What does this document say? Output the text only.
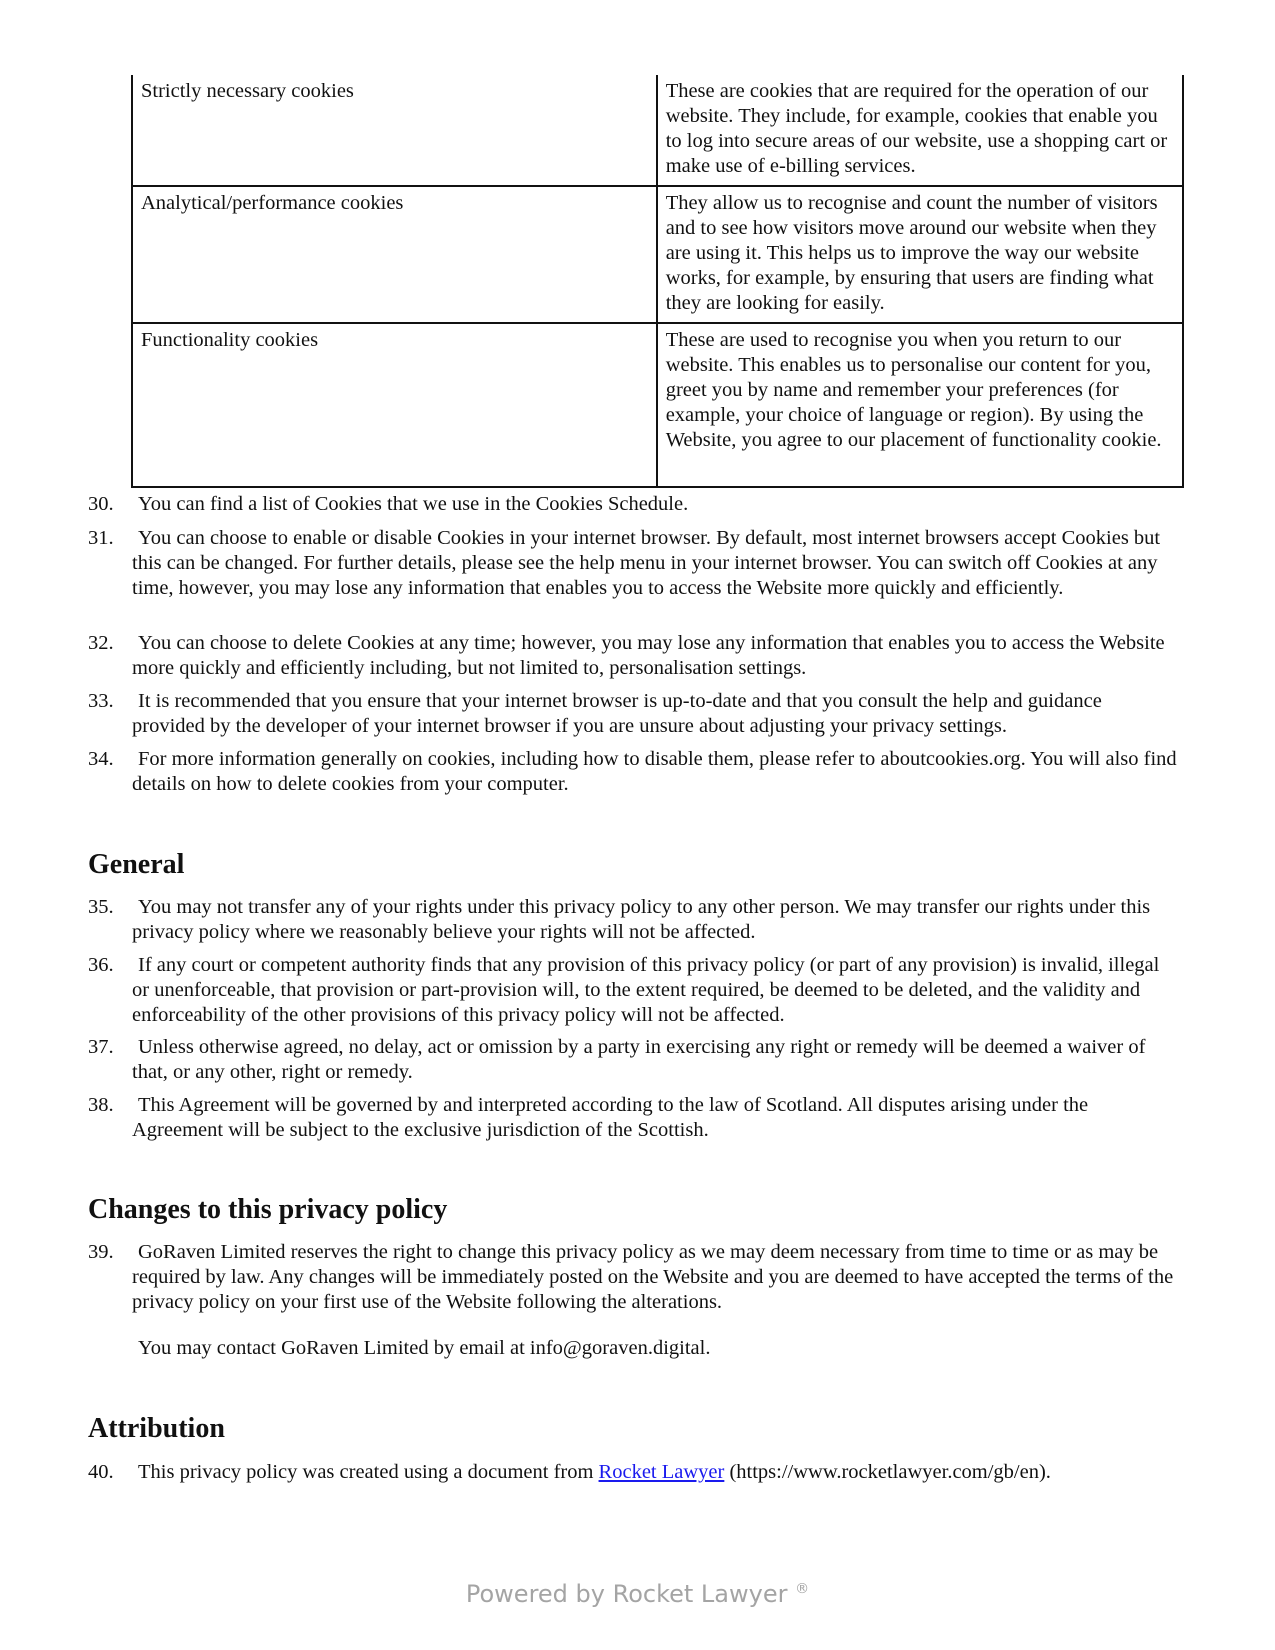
Strictly necessary cookies	These are cookies that are required for the operation of our website. They include, for example, cookies that enable you to log into secure areas of our website, use a shopping cart or make use of e-billing services.
Analytical/performance cookies	They allow us to recognise and count the number of visitors and to see how visitors move around our website when they are using it. This helps us to improve the way our website works, for example, by ensuring that users are finding what they are looking for easily.
Functionality cookies	These are used to recognise you when you return to our website. This enables us to personalise our content for you, greet you by name and remember your preferences (for example, your choice of language or region). By using the Website, you agree to our placement of functionality cookie.
30.	You can find a list of Cookies that we use in the Cookies Schedule.
31.	You can choose to enable or disable Cookies in your internet browser. By default, most internet browsers accept Cookies but this can be changed. For further details, please see the help menu in your internet browser. You can switch off Cookies at any time, however, you may lose any information that enables you to access the Website more quickly and efficiently.
32.	You can choose to delete Cookies at any time; however, you may lose any information that enables you to access the Website more quickly and efficiently including, but not limited to, personalisation settings.
33.	It is recommended that you ensure that your internet browser is up-to-date and that you consult the help and guidance provided by the developer of your internet browser if you are unsure about adjusting your privacy settings.
34.	For more information generally on cookies, including how to disable them, please refer to aboutcookies.org. You will also find details on how to delete cookies from your computer.
General
35.	You may not transfer any of your rights under this privacy policy to any other person. We may transfer our rights under this privacy policy where we reasonably believe your rights will not be affected.
36.	If any court or competent authority finds that any provision of this privacy policy (or part of any provision) is invalid, illegal or unenforceable, that provision or part-provision will, to the extent required, be deemed to be deleted, and the validity and enforceability of the other provisions of this privacy policy will not be affected.
37.	Unless otherwise agreed, no delay, act or omission by a party in exercising any right or remedy will be deemed a waiver of that, or any other, right or remedy.
38.	This Agreement will be governed by and interpreted according to the law of Scotland. All disputes arising under the Agreement will be subject to the exclusive jurisdiction of the Scottish.
Changes to this privacy policy
39.	GoRaven Limited reserves the right to change this privacy policy as we may deem necessary from time to time or as may be required by law. Any changes will be immediately posted on the Website and you are deemed to have accepted the terms of the privacy policy on your first use of the Website following the alterations.
You may contact GoRaven Limited by email at info@goraven.digital.
Attribution
40.	This privacy policy was created using a document from Rocket Lawyer (https://www.rocketlawyer.com/gb/en).
Powered by Rocket Lawyer ®
